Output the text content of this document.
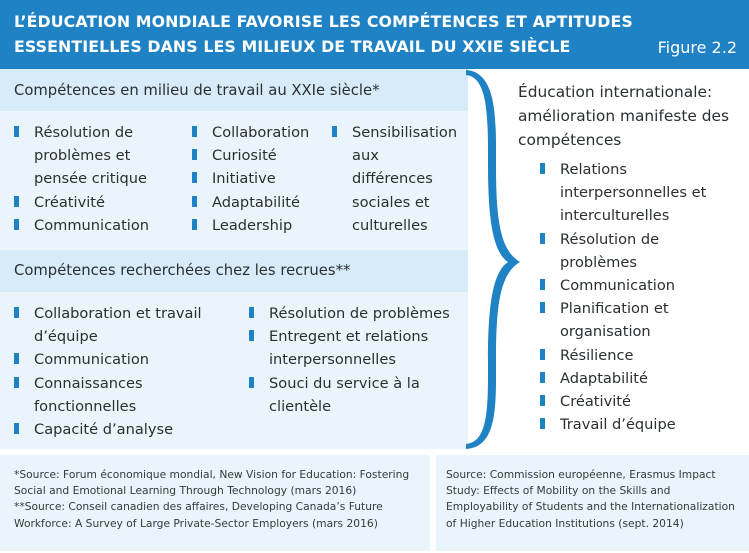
L’ÉDUCATION MONDIALE FAVORISE LES COMPÉTENCES ET APTITUDES
ESSENTIELLES DANS LES MILIEUX DE TRAVAIL DU XXIE SIÈCLE	Figure 2.2
Compétences en milieu de travail au XXIe siècle*
Résolution de problèmes et pensée critique
Créativité
Communication
Collaboration
Curiosité
Initiative
Adaptabilité
Leadership
Sensibilisation aux différences sociales et culturelles
Compétences recherchées chez les recrues**
Collaboration et travail d’équipe
Communication
Connaissances fonctionnelles
Capacité d’analyse
Résolution de problèmes
Entregent et relations interpersonnelles
Souci du service à la clientèle
Éducation internationale: amélioration manifeste des compétences
Relations interpersonnelles et interculturelles
Résolution de problèmes
Communication
Planification et organisation
Résilience
Adaptabilité
Créativité
Travail d’équipe
*Source: Forum économique mondial, New Vision for Education: Fostering
Social and Emotional Learning Through Technology (mars 2016)
**Source: Conseil canadien des affaires, Developing Canada’s Future
Workforce: A Survey of Large Private-Sector Employers (mars 2016)
Source: Commission européenne, Erasmus Impact
Study: Effects of Mobility on the Skills and
Employability of Students and the Internationalization
of Higher Education Institutions (sept. 2014)
